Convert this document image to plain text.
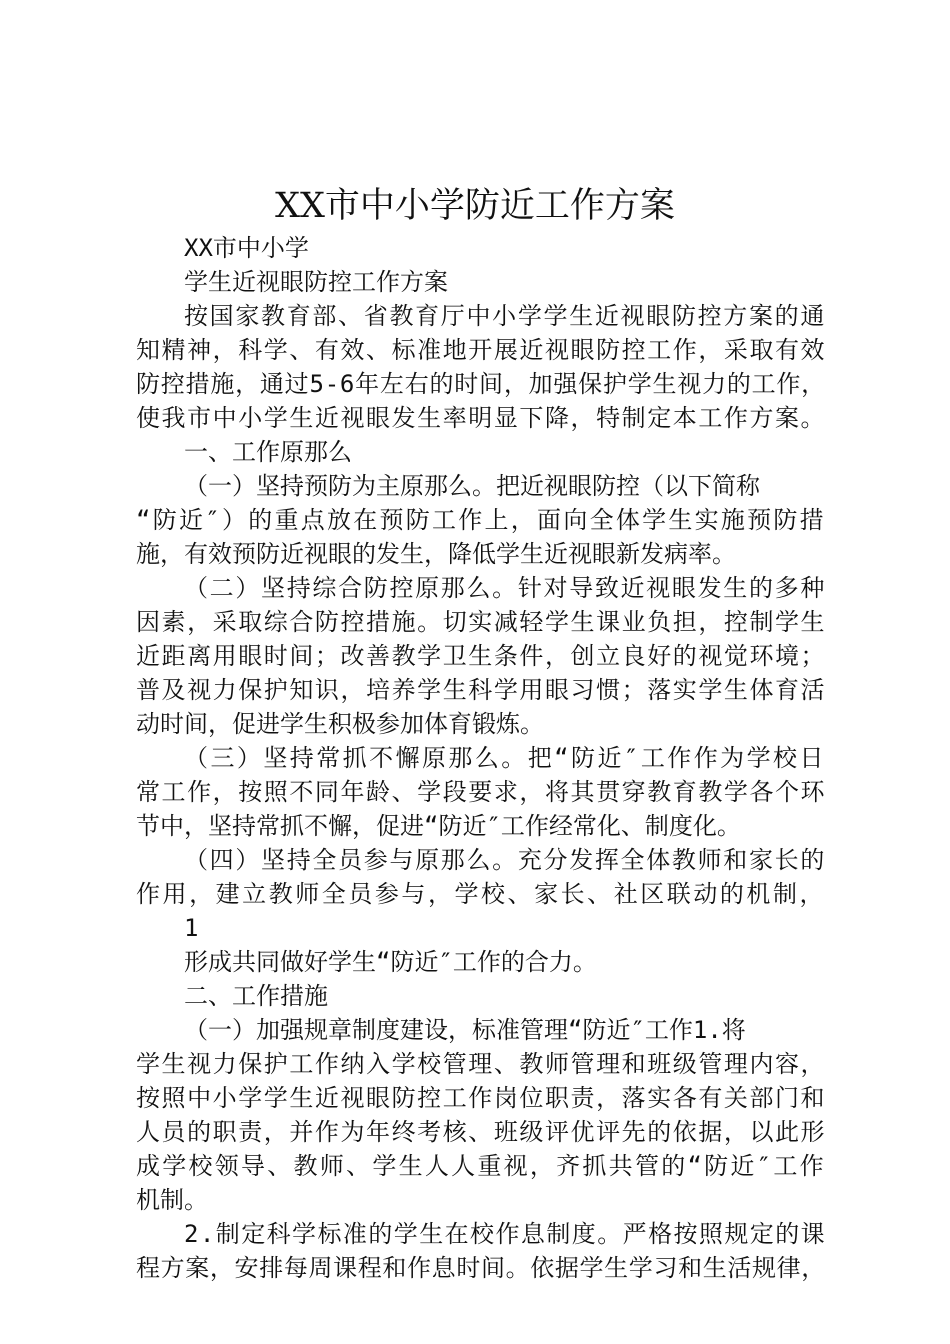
XX市中小学防近工作方案
XX市中小学
学生近视眼防控工作方案
按国家教育部、省教育厅中小学学生近视眼防控方案的通
知精神，科学、有效、标准地开展近视眼防控工作，采取有效
防控措施，通过5-6年左右的时间，加强保护学生视力的工作，
使我市中小学生近视眼发生率明显下降，特制定本工作方案。
一、工作原那么
（一）坚持预防为主原那么。把近视眼防控（以下简称
“防近″）的重点放在预防工作上，面向全体学生实施预防措
施，有效预防近视眼的发生，降低学生近视眼新发病率。
（二）坚持综合防控原那么。针对导致近视眼发生的多种
因素，采取综合防控措施。切实减轻学生课业负担，控制学生
近距离用眼时间；改善教学卫生条件，创立良好的视觉环境；
普及视力保护知识，培养学生科学用眼习惯；落实学生体育活
动时间，促进学生积极参加体育锻炼。
（三）坚持常抓不懈原那么。把“防近″工作作为学校日
常工作，按照不同年龄、学段要求，将其贯穿教育教学各个环
节中，坚持常抓不懈，促进“防近″工作经常化、制度化。
（四）坚持全员参与原那么。充分发挥全体教师和家长的
作用，建立教师全员参与，学校、家长、社区联动的机制，
1
形成共同做好学生“防近″工作的合力。
二、工作措施
（一）加强规章制度建设，标准管理“防近″工作1.将
学生视力保护工作纳入学校管理、教师管理和班级管理内容，
按照中小学学生近视眼防控工作岗位职责，落实各有关部门和
人员的职责，并作为年终考核、班级评优评先的依据，以此形
成学校领导、教师、学生人人重视，齐抓共管的“防近″工作
机制。
2.制定科学标准的学生在校作息制度。严格按照规定的课
程方案，安排每周课程和作息时间。依据学生学习和生活规律，
